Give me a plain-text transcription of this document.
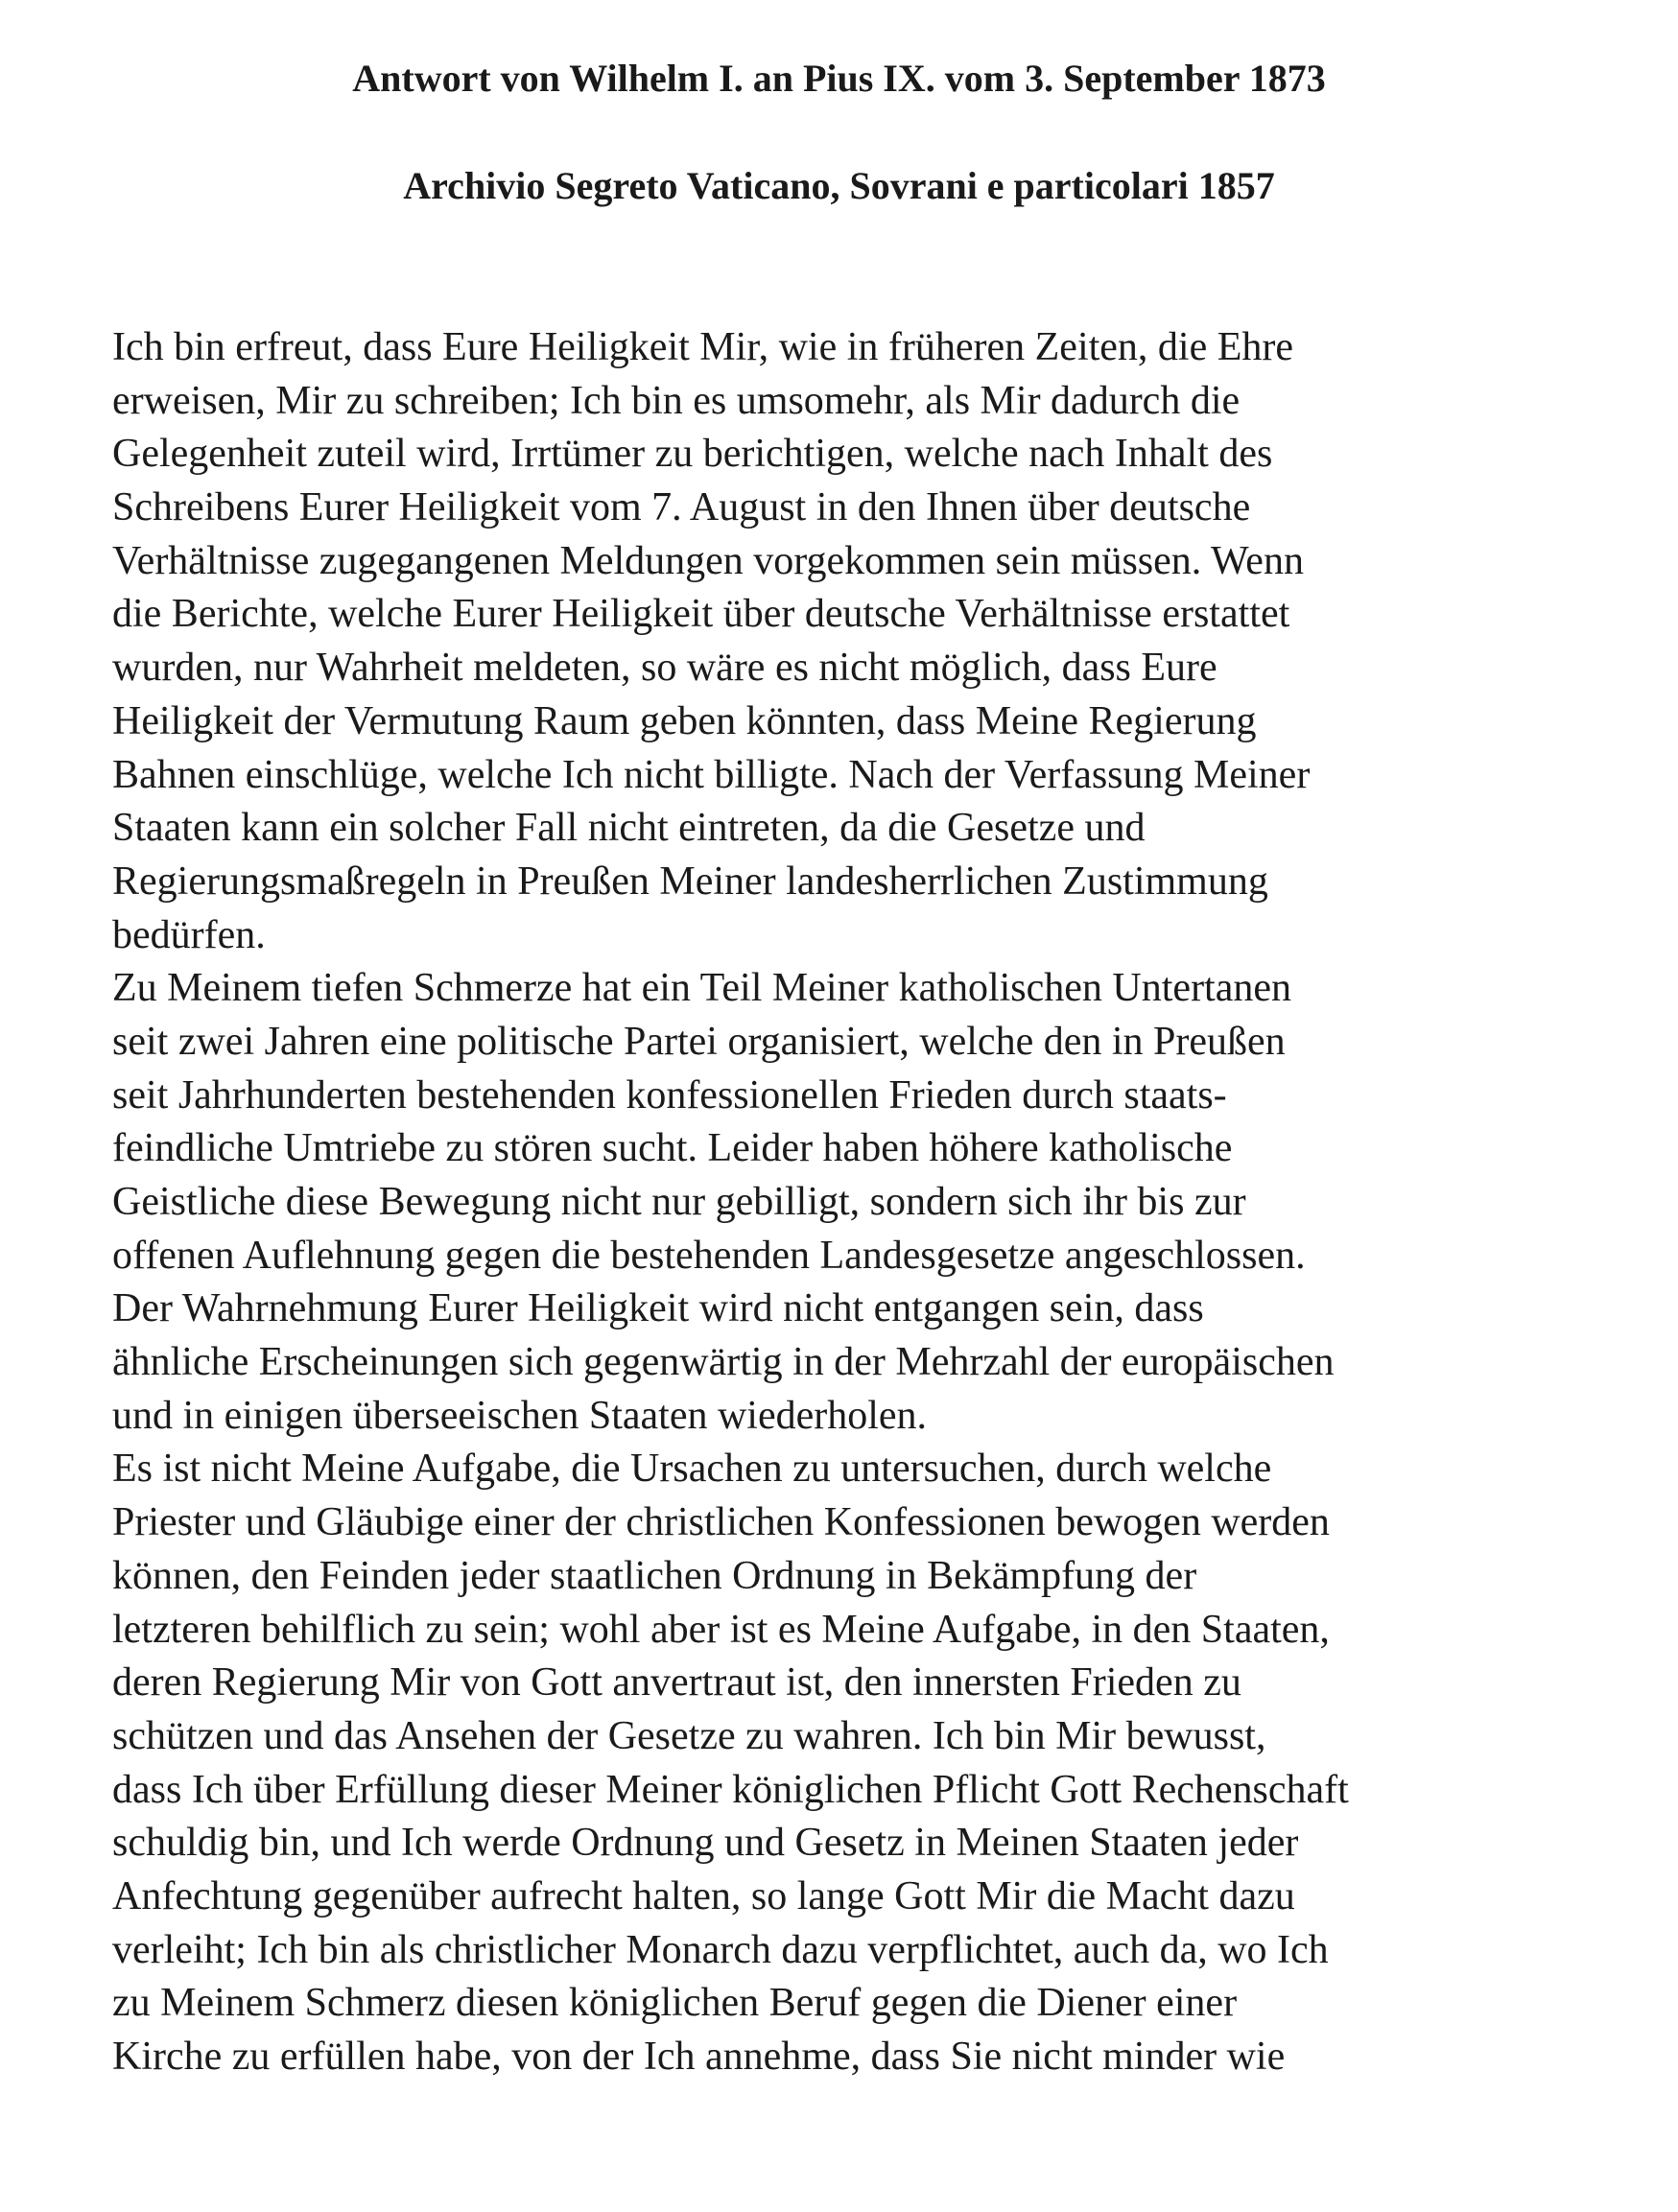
Antwort von Wilhelm I. an Pius IX. vom 3. September 1873
Archivio Segreto Vaticano, Sovrani e particolari 1857
Ich bin erfreut, dass Eure Heiligkeit Mir, wie in früheren Zeiten, die Ehre
erweisen, Mir zu schreiben; Ich bin es umsomehr, als Mir dadurch die
Gelegenheit zuteil wird, Irrtümer zu berichtigen, welche nach Inhalt des
Schreibens Eurer Heiligkeit vom 7. August in den Ihnen über deutsche
Verhältnisse zugegangenen Meldungen vorgekommen sein müssen. Wenn
die Berichte, welche Eurer Heiligkeit über deutsche Verhältnisse erstattet
wurden, nur Wahrheit meldeten, so wäre es nicht möglich, dass Eure
Heiligkeit der Vermutung Raum geben könnten, dass Meine Regierung
Bahnen einschlüge, welche Ich nicht billigte. Nach der Verfassung Meiner
Staaten kann ein solcher Fall nicht eintreten, da die Gesetze und
Regierungsmaßregeln in Preußen Meiner landesherrlichen Zustimmung
bedürfen.
Zu Meinem tiefen Schmerze hat ein Teil Meiner katholischen Untertanen
seit zwei Jahren eine politische Partei organisiert, welche den in Preußen
seit Jahrhunderten bestehenden konfessionellen Frieden durch staats-
feindliche Umtriebe zu stören sucht. Leider haben höhere katholische
Geistliche diese Bewegung nicht nur gebilligt, sondern sich ihr bis zur
offenen Auflehnung gegen die bestehenden Landesgesetze angeschlossen.
Der Wahrnehmung Eurer Heiligkeit wird nicht entgangen sein, dass
ähnliche Erscheinungen sich gegenwärtig in der Mehrzahl der europäischen
und in einigen überseeischen Staaten wiederholen.
Es ist nicht Meine Aufgabe, die Ursachen zu untersuchen, durch welche
Priester und Gläubige einer der christlichen Konfessionen bewogen werden
können, den Feinden jeder staatlichen Ordnung in Bekämpfung der
letzteren behilflich zu sein; wohl aber ist es Meine Aufgabe, in den Staaten,
deren Regierung Mir von Gott anvertraut ist, den innersten Frieden zu
schützen und das Ansehen der Gesetze zu wahren. Ich bin Mir bewusst,
dass Ich über Erfüllung dieser Meiner königlichen Pflicht Gott Rechenschaft
schuldig bin, und Ich werde Ordnung und Gesetz in Meinen Staaten jeder
Anfechtung gegenüber aufrecht halten, so lange Gott Mir die Macht dazu
verleiht; Ich bin als christlicher Monarch dazu verpflichtet, auch da, wo Ich
zu Meinem Schmerz diesen königlichen Beruf gegen die Diener einer
Kirche zu erfüllen habe, von der Ich annehme, dass Sie nicht minder wie
